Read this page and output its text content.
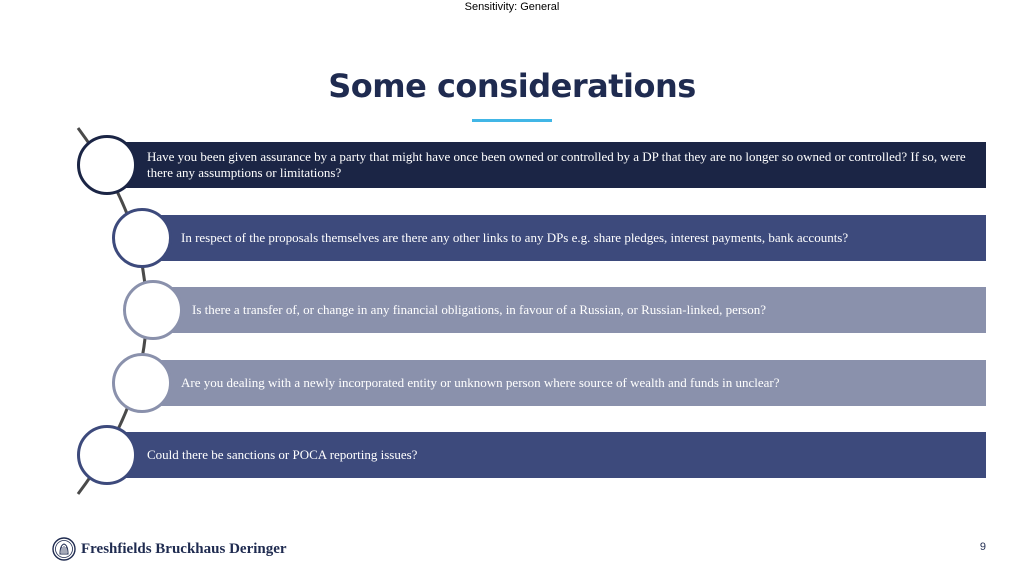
Sensitivity: General
Some considerations
Have you been given assurance by a party that might have once been owned or controlled by a DP that they are no longer so owned or controlled? If so, were there any assumptions or limitations?
In respect of the proposals themselves are there any other links to any DPs e.g. share pledges, interest payments, bank accounts?
Is there a transfer of, or change in any financial obligations, in favour of a Russian, or Russian-linked, person?
Are you dealing with a newly incorporated entity or unknown person where source of wealth and funds in unclear?
Could there be sanctions or POCA reporting issues?
Freshfields Bruckhaus Deringer	9
